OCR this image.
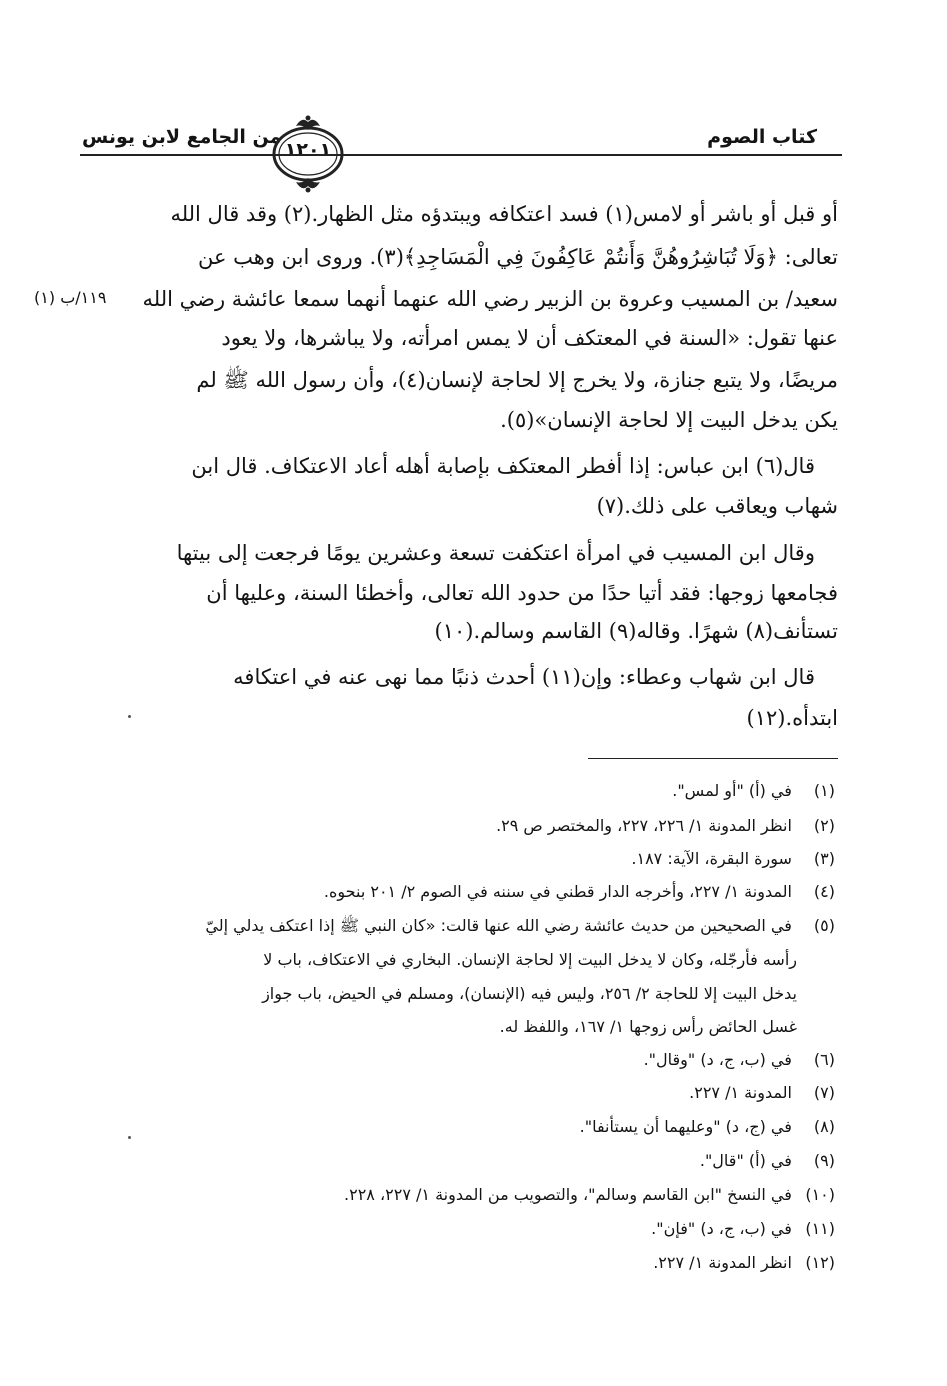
كتاب الصوم
من الجامع لابن يونس
١٢٠١
١١٩/ب (١)
أو قبل أو باشر أو لامس(١) فسد اعتكافه ويبتدؤه مثل الظهار.(٢) وقد قال الله
تعالى: ﴿وَلَا تُبَاشِرُوهُنَّ وَأَنتُمْ عَاكِفُونَ فِي الْمَسَاجِدِ﴾(٣). وروى ابن وهب عن
سعيد/ بن المسيب وعروة بن الزبير رضي الله عنهما أنهما سمعا عائشة رضي الله
عنها تقول: «السنة في المعتكف أن لا يمس امرأته، ولا يباشرها، ولا يعود
مريضًا، ولا يتبع جنازة، ولا يخرج إلا لحاجة لإنسان(٤)، وأن رسول الله ﷺ لم
يكن يدخل البيت إلا لحاجة الإنسان»(٥).
قال(٦) ابن عباس: إذا أفطر المعتكف بإصابة أهله أعاد الاعتكاف. قال ابن
شهاب ويعاقب على ذلك.(٧)
وقال ابن المسيب في امرأة اعتكفت تسعة وعشرين يومًا فرجعت إلى بيتها
فجامعها زوجها: فقد أتيا حدًا من حدود الله تعالى، وأخطئا السنة، وعليها أن
تستأنف(٨) شهرًا. وقاله(٩) القاسم وسالم.(١٠)
قال ابن شهاب وعطاء: وإن(١١) أحدث ذنبًا مما نهى عنه في اعتكافه
ابتدأه.(١٢)
(١) في (أ) "أو لمس".
(٢) انظر المدونة ١/ ٢٢٦، ٢٢٧، والمختصر ص ٢٩.
(٣) سورة البقرة، الآية: ١٨٧.
(٤) المدونة ١/ ٢٢٧، وأخرجه الدار قطني في سننه في الصوم ٢/ ٢٠١ بنحوه.
(٥) في الصحيحين من حديث عائشة رضي الله عنها قالت: «كان النبي ﷺ إذا اعتكف يدلي إليّ
رأسه فأرجّله، وكان لا يدخل البيت إلا لحاجة الإنسان. البخاري في الاعتكاف، باب لا
يدخل البيت إلا للحاجة ٢/ ٢٥٦، وليس فيه (الإنسان)، ومسلم في الحيض، باب جواز
غسل الحائض رأس زوجها ١/ ١٦٧، واللفظ له.
(٦) في (ب، ج، د) "وقال".
(٧) المدونة ١/ ٢٢٧.
(٨) في (ج، د) "وعليهما أن يستأنفا".
(٩) في (أ) "قال".
(١٠) في النسخ "ابن القاسم وسالم"، والتصويب من المدونة ١/ ٢٢٧، ٢٢٨.
(١١) في (ب، ج، د) "فإن".
(١٢) انظر المدونة ١/ ٢٢٧.
